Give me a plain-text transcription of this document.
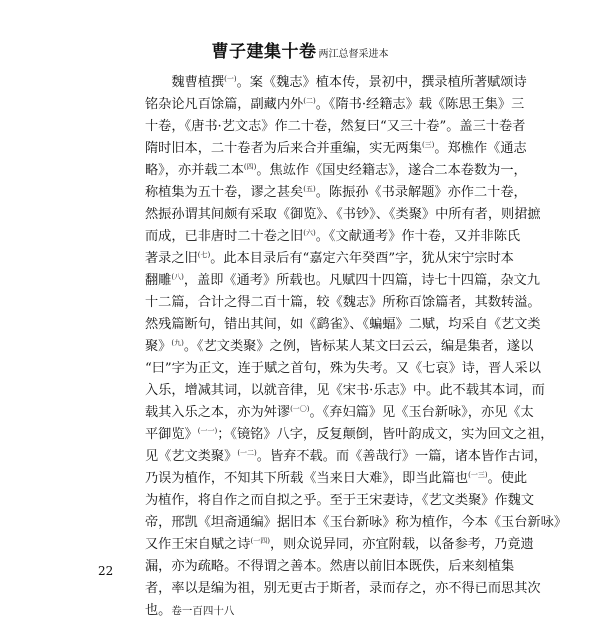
曹子建集十卷 两江总督采进本
魏曹植撰$^{(一)}$。案《魏志》植本传，景初中，撰录植所著赋颂诗
铭杂论凡百馀篇，副藏内外$^{(二)}$。《隋书·经籍志》载《陈思王集》三
十卷，《唐书·艺文志》作二十卷，然复曰“又三十卷”。盖三十卷者
隋时旧本，二十卷者为后来合并重编，实无两集$^{(三)}$。郑樵作《通志
略》，亦并载二本$^{(四)}$。焦竑作《国史经籍志》，遂合二本卷数为一，
称植集为五十卷，谬之甚矣$^{(五)}$。陈振孙《书录解题》亦作二十卷，
然振孙谓其间颇有采取《御览》、《书钞》、《类聚》中所有者，则捃摭
而成，已非唐时二十卷之旧$^{(六)}$。《文献通考》作十卷，又并非陈氏
著录之旧$^{(七)}$。此本目录后有“嘉定六年癸酉”字，犹从宋宁宗时本
翻雕$^{(八)}$，盖即《通考》所载也。凡赋四十四篇，诗七十四篇，杂文九
十二篇，合计之得二百十篇，较《魏志》所称百馀篇者，其数转溢。
然残篇断句，错出其间，如《鹞雀》、《蝙蝠》二赋，均采自《艺文类
聚》$^{(九)}$。《艺文类聚》之例，皆标某人某文曰云云，编是集者，遂以
“曰”字为正文，连于赋之首句，殊为失考。又《七哀》诗，晋人采以
入乐，增减其词，以就音律，见《宋书·乐志》中。此不载其本词，而
载其入乐之本，亦为舛谬$^{(一〇)}$。《弃妇篇》见《玉台新咏》，亦见《太
平御览》$^{(一一)}$；《镜铭》八字，反复颠倒，皆叶韵成文，实为回文之祖，
见《艺文类聚》$^{(一二)}$。皆弃不载。而《善哉行》一篇，诸本皆作古词，
乃误为植作，不知其下所载《当来日大难》，即当此篇也$^{(一三)}$。使此
为植作，将自作之而自拟之乎。至于王宋妻诗，《艺文类聚》作魏文
帝，邢凯《坦斋通编》据旧本《玉台新咏》称为植作，今本《玉台新咏》
又作王宋自赋之诗$^{(一四)}$，则众说异同，亦宜附载，以备参考，乃竟遗
漏，亦为疏略。不得谓之善本。然唐以前旧本既佚，后来刻植集
者，率以是编为祖，别无更古于斯者，录而存之，亦不得已而思其次
也。卷一百四十八
22
